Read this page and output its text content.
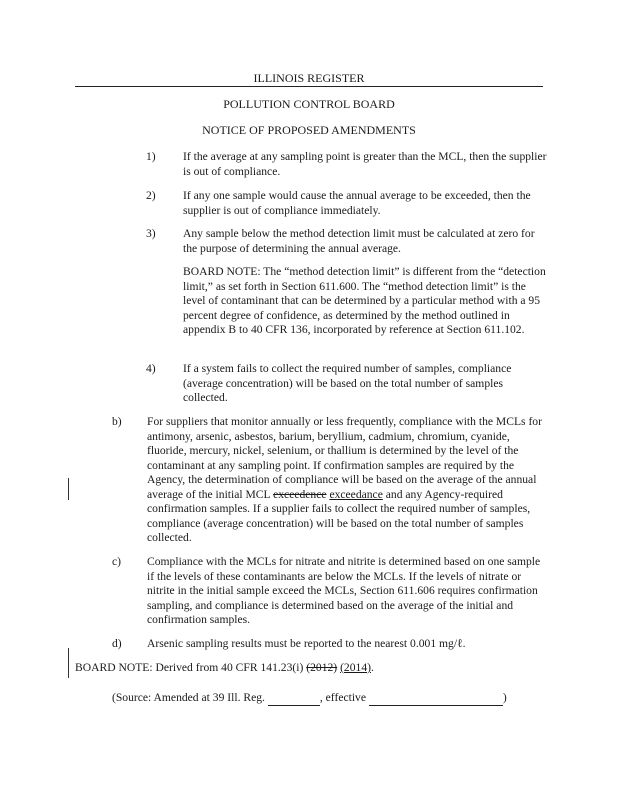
ILLINOIS REGISTER
POLLUTION CONTROL BOARD
NOTICE OF PROPOSED AMENDMENTS
1) If the average at any sampling point is greater than the MCL, then the supplier is out of compliance.

2) If any one sample would cause the annual average to be exceeded, then the supplier is out of compliance immediately.

3) Any sample below the method detection limit must be calculated at zero for the purpose of determining the annual average.

BOARD NOTE: The “method detection limit” is different from the “detection limit,” as set forth in Section 611.600. The “method detection limit” is the level of contaminant that can be determined by a particular method with a 95 percent degree of confidence, as determined by the method outlined in appendix B to 40 CFR 136, incorporated by reference at Section 611.102.

4) If a system fails to collect the required number of samples, compliance (average concentration) will be based on the total number of samples collected.

b) For suppliers that monitor annually or less frequently, compliance with the MCLs for antimony, arsenic, asbestos, barium, beryllium, cadmium, chromium, cyanide, fluoride, mercury, nickel, selenium, or thallium is determined by the level of the contaminant at any sampling point. If confirmation samples are required by the Agency, the determination of compliance will be based on the average of the annual average of the initial MCL exceedence exceedance and any Agency-required confirmation samples. If a supplier fails to collect the required number of samples, compliance (average concentration) will be based on the total number of samples collected.

c) Compliance with the MCLs for nitrate and nitrite is determined based on one sample if the levels of these contaminants are below the MCLs. If the levels of nitrate or nitrite in the initial sample exceed the MCLs, Section 611.606 requires confirmation sampling, and compliance is determined based on the average of the initial and confirmation samples.

d) Arsenic sampling results must be reported to the nearest 0.001 mg/ℓ.

BOARD NOTE: Derived from 40 CFR 141.23(i) (2012) (2014).

(Source: Amended at 39 Ill. Reg.	, effective	)
